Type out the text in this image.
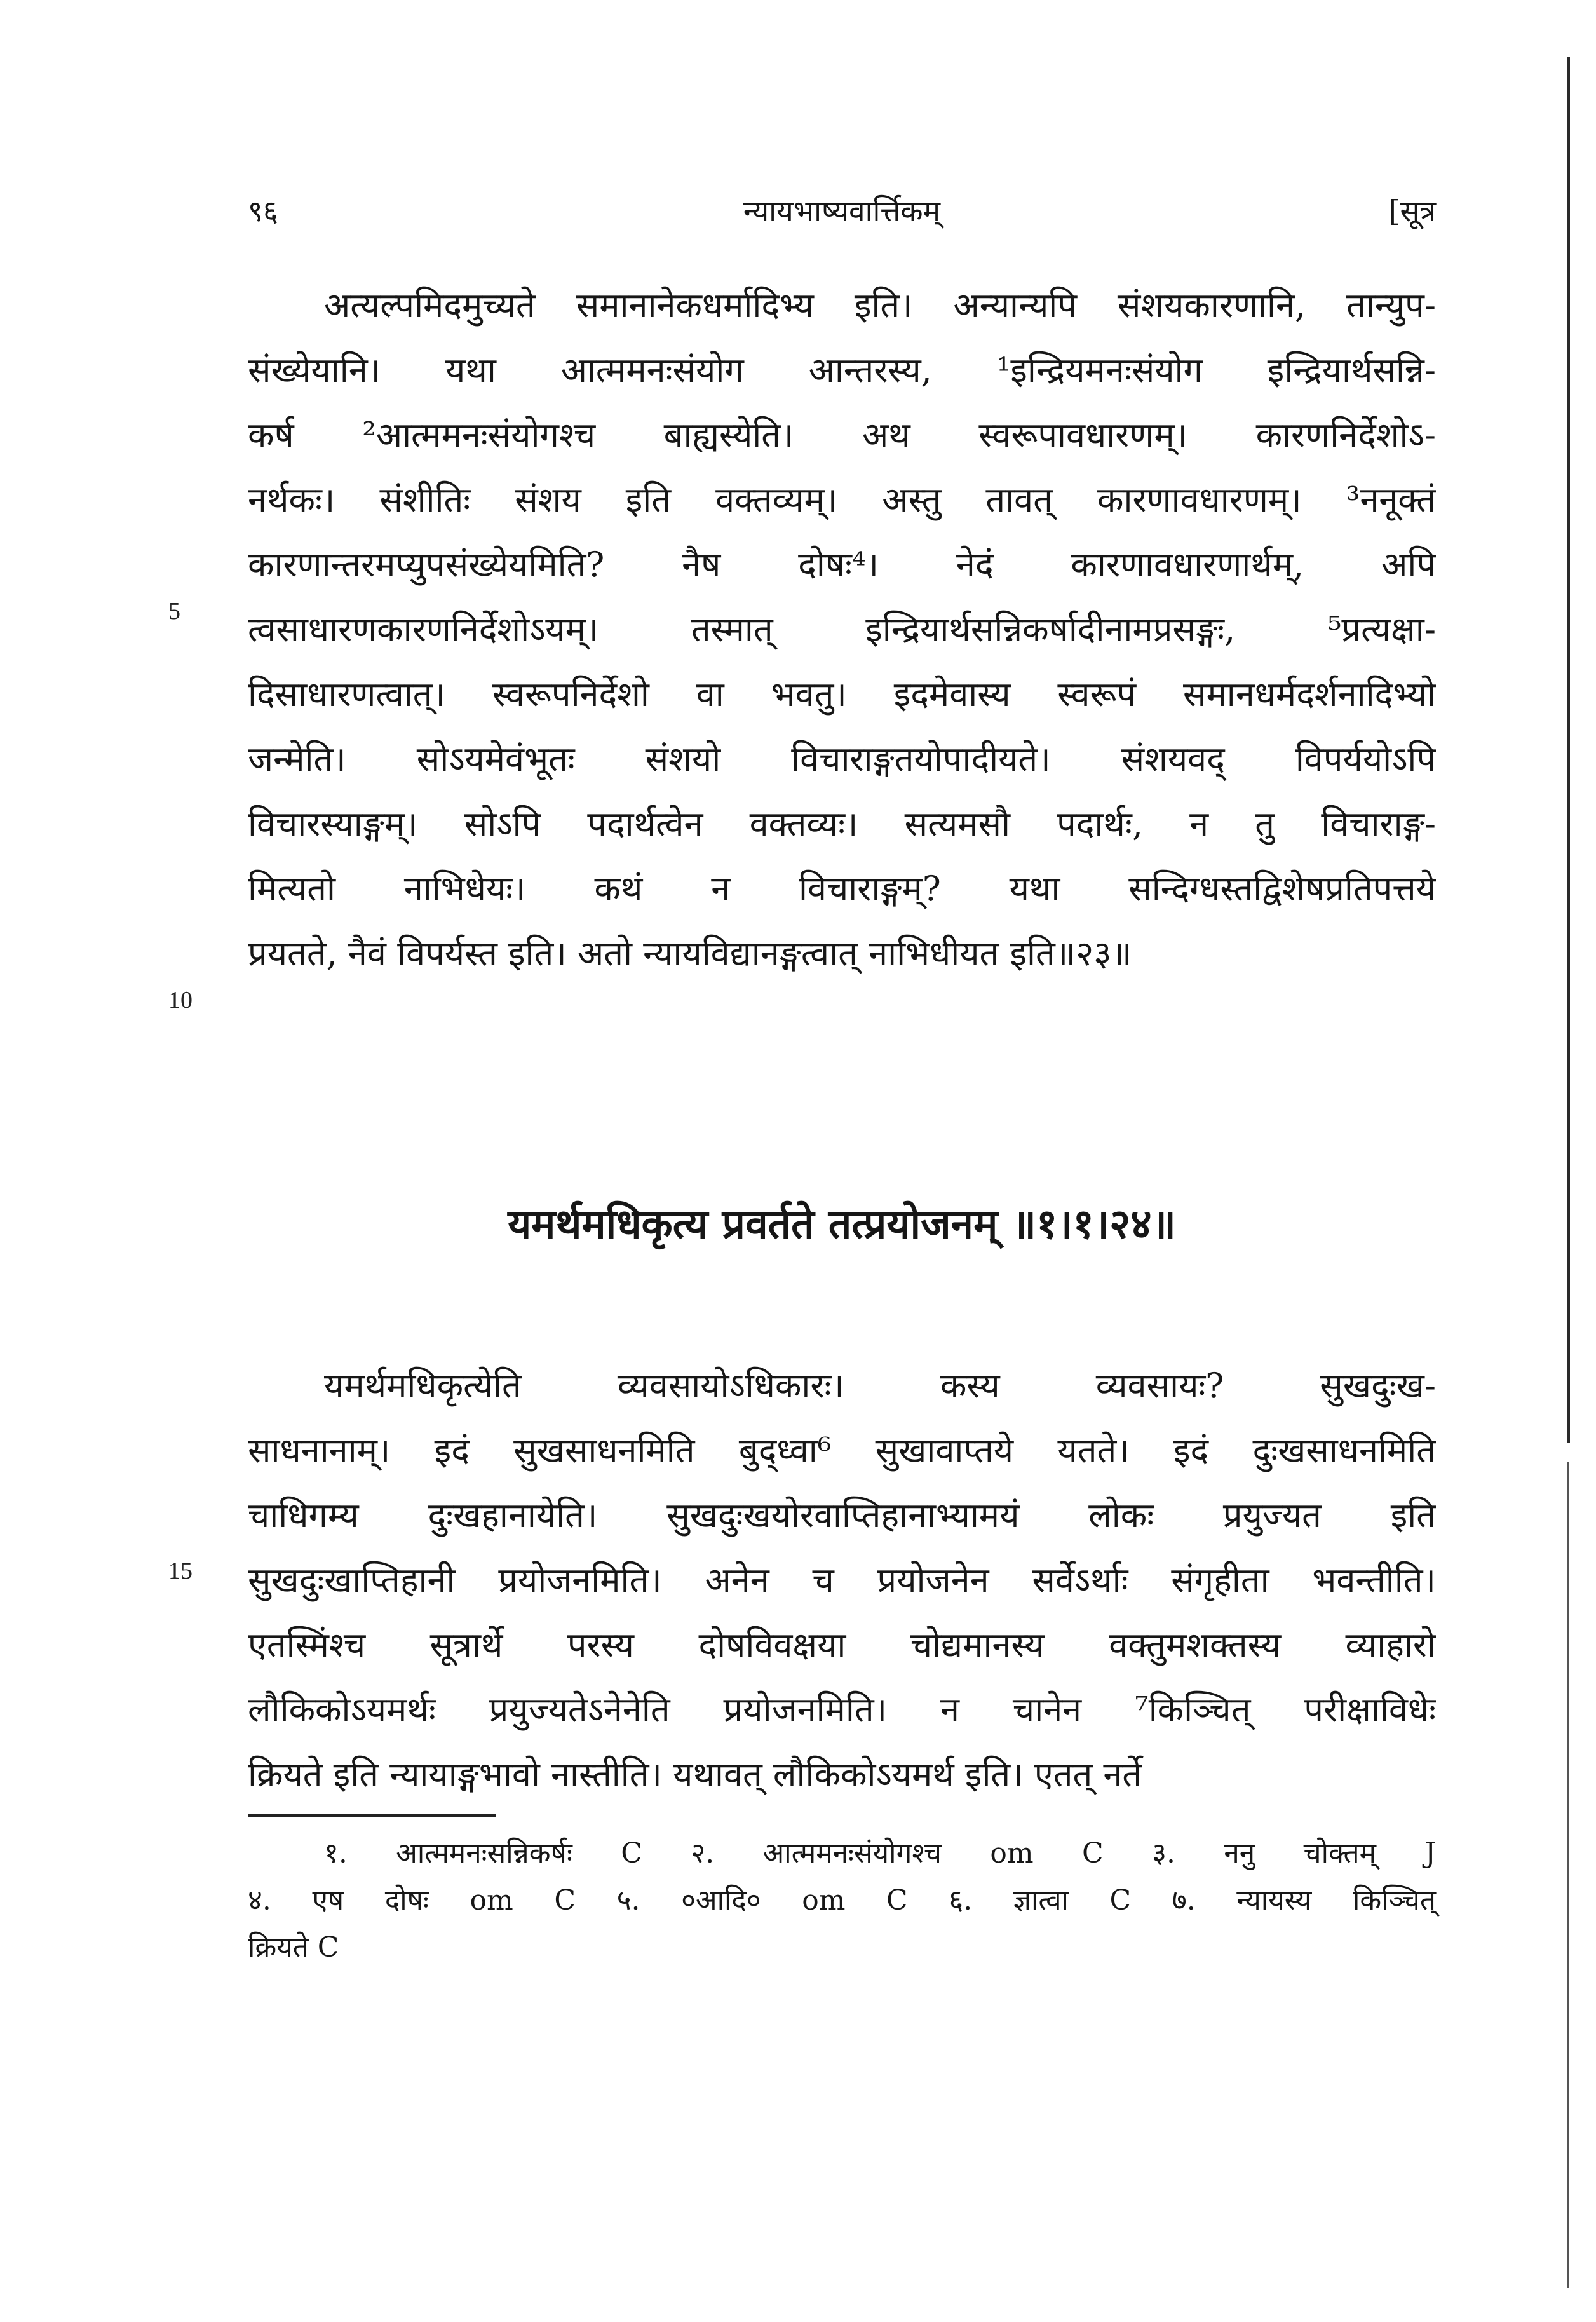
९६	न्यायभाष्यवार्त्तिकम्	[सूत्र
अत्यल्पमिदमुच्यते समानानेकधर्मादिभ्य इति। अन्यान्यपि संशयकारणानि, तान्युप-
संख्येयानि। यथा आत्ममनःसंयोग आन्तरस्य, ¹इन्द्रियमनःसंयोग इन्द्रियार्थसन्नि-
कर्ष ²आत्ममनःसंयोगश्च बाह्यस्येति। अथ स्वरूपावधारणम्। कारणनिर्देशोऽ-
नर्थकः। संशीतिः संशय इति वक्तव्यम्। अस्तु तावत् कारणावधारणम्। ³ननूक्तं
कारणान्तरमप्युपसंख्येयमिति? नैष दोषः⁴। नेदं कारणावधारणार्थम्, अपि
त्वसाधारणकारणनिर्देशोऽयम्। तस्मात् इन्द्रियार्थसन्निकर्षादीनामप्रसङ्गः, ⁵प्रत्यक्षा-
दिसाधारणत्वात्। स्वरूपनिर्देशो वा भवतु। इदमेवास्य स्वरूपं समानधर्मदर्शनादिभ्यो
जन्मेति। सोऽयमेवंभूतः संशयो विचाराङ्गतयोपादीयते। संशयवद् विपर्ययोऽपि
विचारस्याङ्गम्। सोऽपि पदार्थत्वेन वक्तव्यः। सत्यमसौ पदार्थः, न तु विचाराङ्ग-
मित्यतो नाभिधेयः। कथं न विचाराङ्गम्? यथा सन्दिग्धस्तद्विशेषप्रतिपत्तये
प्रयतते, नैवं विपर्यस्त इति। अतो न्यायविद्यानङ्गत्वात् नाभिधीयत इति॥२३॥
5
10
15
यमर्थमधिकृत्य प्रवर्तते तत्प्रयोजनम् ॥१।१।२४॥
यमर्थमधिकृत्येति व्यवसायोऽधिकारः। कस्य व्यवसायः? सुखदुःख-
साधनानाम्। इदं सुखसाधनमिति बुद्ध्वा⁶ सुखावाप्तये यतते। इदं दुःखसाधनमिति
चाधिगम्य दुःखहानायेति। सुखदुःखयोरवाप्तिहानाभ्यामयं लोकः प्रयुज्यत इति
सुखदुःखाप्तिहानी प्रयोजनमिति। अनेन च प्रयोजनेन सर्वेऽर्थाः संगृहीता भवन्तीति।
एतस्मिंश्च सूत्रार्थे परस्य दोषविवक्षया चोद्यमानस्य वक्तुमशक्तस्य व्याहारो
लौकिकोऽयमर्थः प्रयुज्यतेऽनेनेति प्रयोजनमिति। न चानेन ⁷किञ्चित् परीक्षाविधेः
क्रियते इति न्यायाङ्गभावो नास्तीति। यथावत् लौकिकोऽयमर्थ इति। एतत् नर्ते
१. आत्ममनःसन्निकर्षः C २. आत्ममनःसंयोगश्च om C ३. ननु चोक्तम् J
४. एष दोषः om C ५. ०आदि० om C ६. ज्ञात्वा C ७. न्यायस्य किञ्चित्
क्रियते C
